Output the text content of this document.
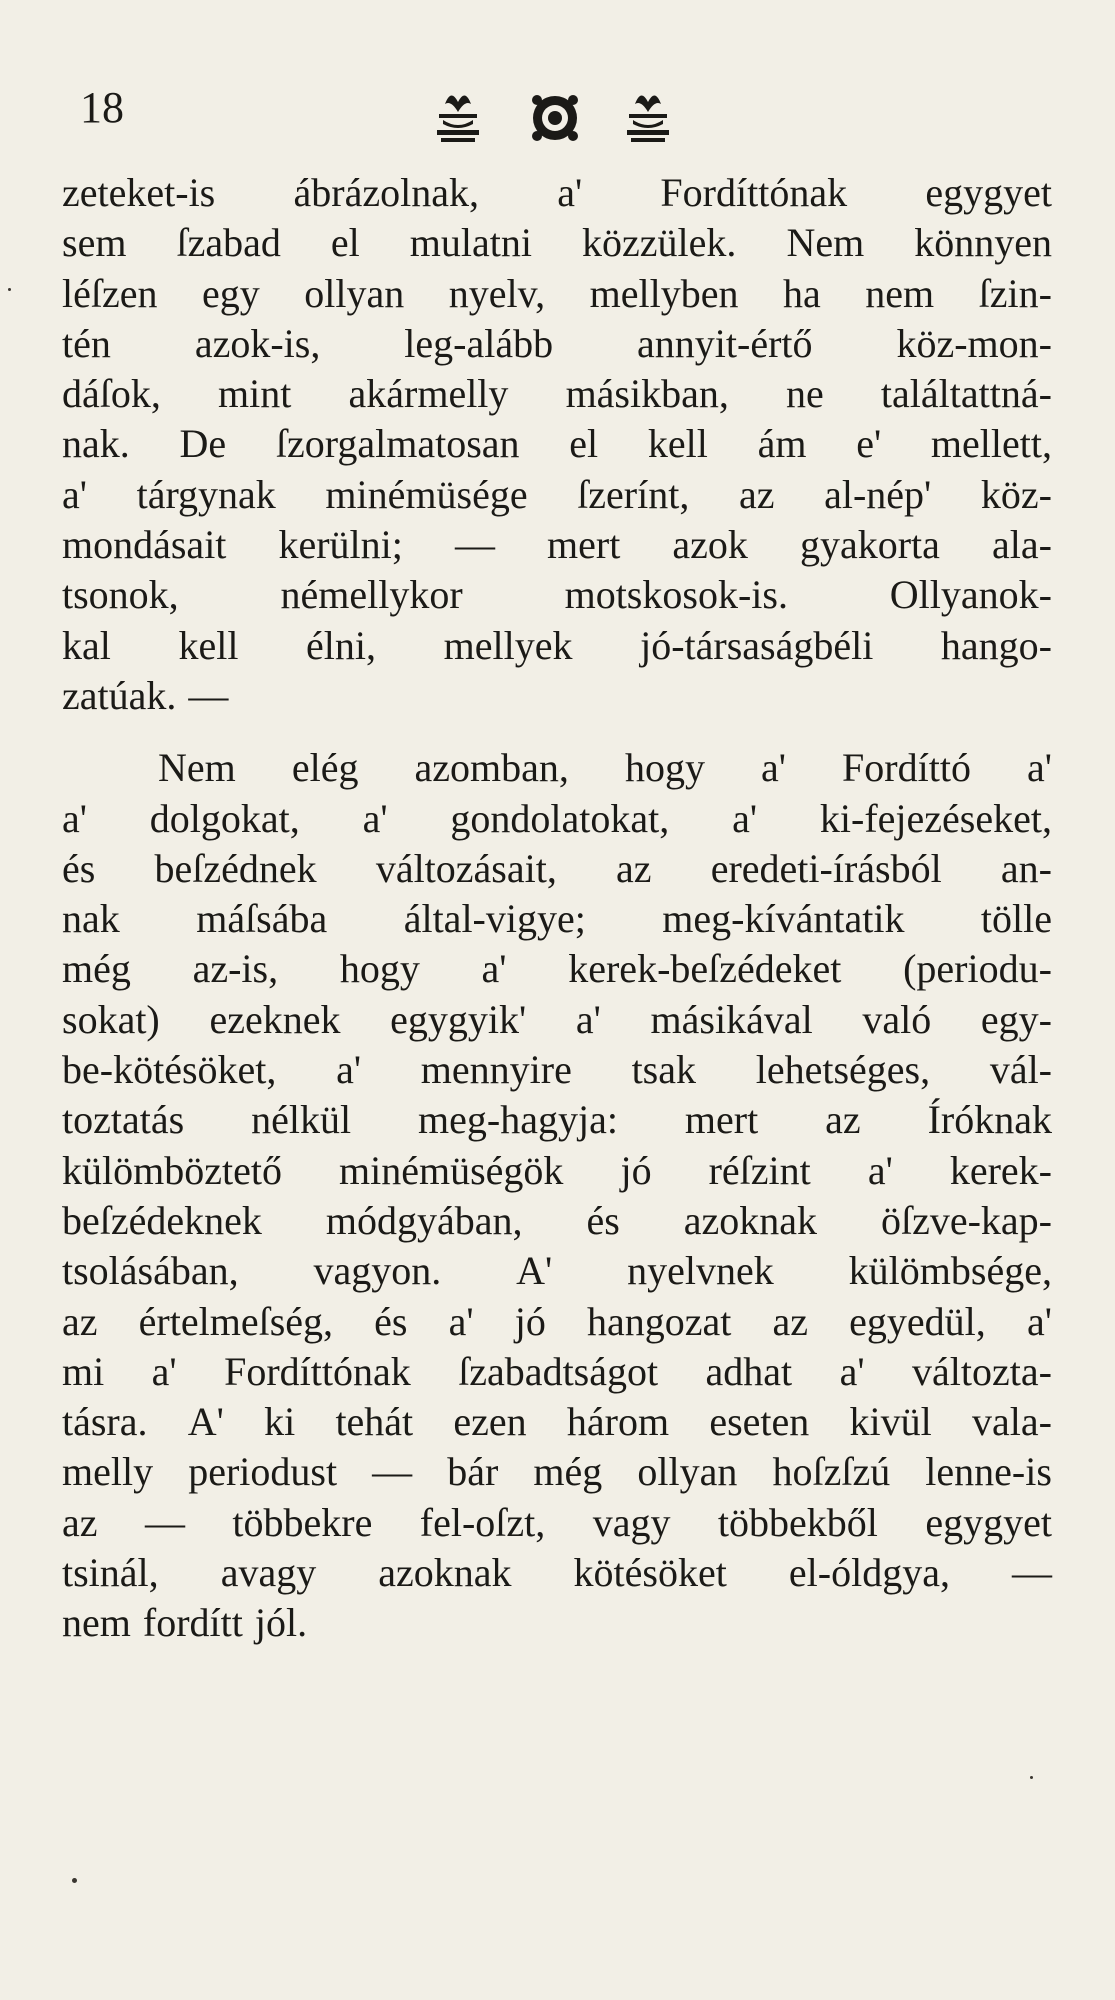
18
zeteket-is ábrázolnak, a' Fordíttónak egygyet
sem ſzabad el mulatni közzülek. Nem könnyen
léſzen egy ollyan nyelv, mellyben ha nem ſzin-
tén azok-is, leg-alább annyit-értő köz-mon-
dáſok, mint akármelly másikban, ne találtattná-
nak. De ſzorgalmatosan el kell ám e' mellett,
a' tárgynak minémüsége ſzerínt, az al-nép' köz-
mondásait kerülni; — mert azok gyakorta ala-
tsonok,	némellykor	motskosok-is.	Ollyanok-
kal kell élni, mellyek jó-társaságbéli hango-
zatúak. —
Nem elég azomban, hogy a' Fordíttó a'
a' dolgokat, a' gondolatokat, a' ki-fejezéseket,
és beſzédnek változásait, az eredeti-írásból an-
nak máſsába által-vigye; meg-kívántatik tölle
még az-is, hogy a' kerek-beſzédeket (periodu-
sokat) ezeknek egygyik' a' másikával való egy-
be-kötésöket, a' mennyire tsak lehetséges, vál-
toztatás nélkül meg-hagyja: mert az Íróknak
külömböztető minémüségök jó réſzint a' kerek-
beſzédeknek módgyában, és azoknak öſzve-kap-
tsolásában, vagyon. A' nyelvnek külömbsége,
az értelmeſség, és a' jó hangozat az egyedül, a'
mi a' Fordíttónak ſzabadtságot adhat a' változta-
tásra. A' ki tehát ezen három eseten kivül vala-
melly periodust — bár még ollyan hoſzſzú lenne-is
az — többekre fel-oſzt, vagy többekből egygyet
tsinál, avagy azoknak kötésöket el-óldgya, —
nem fordítt jól.
